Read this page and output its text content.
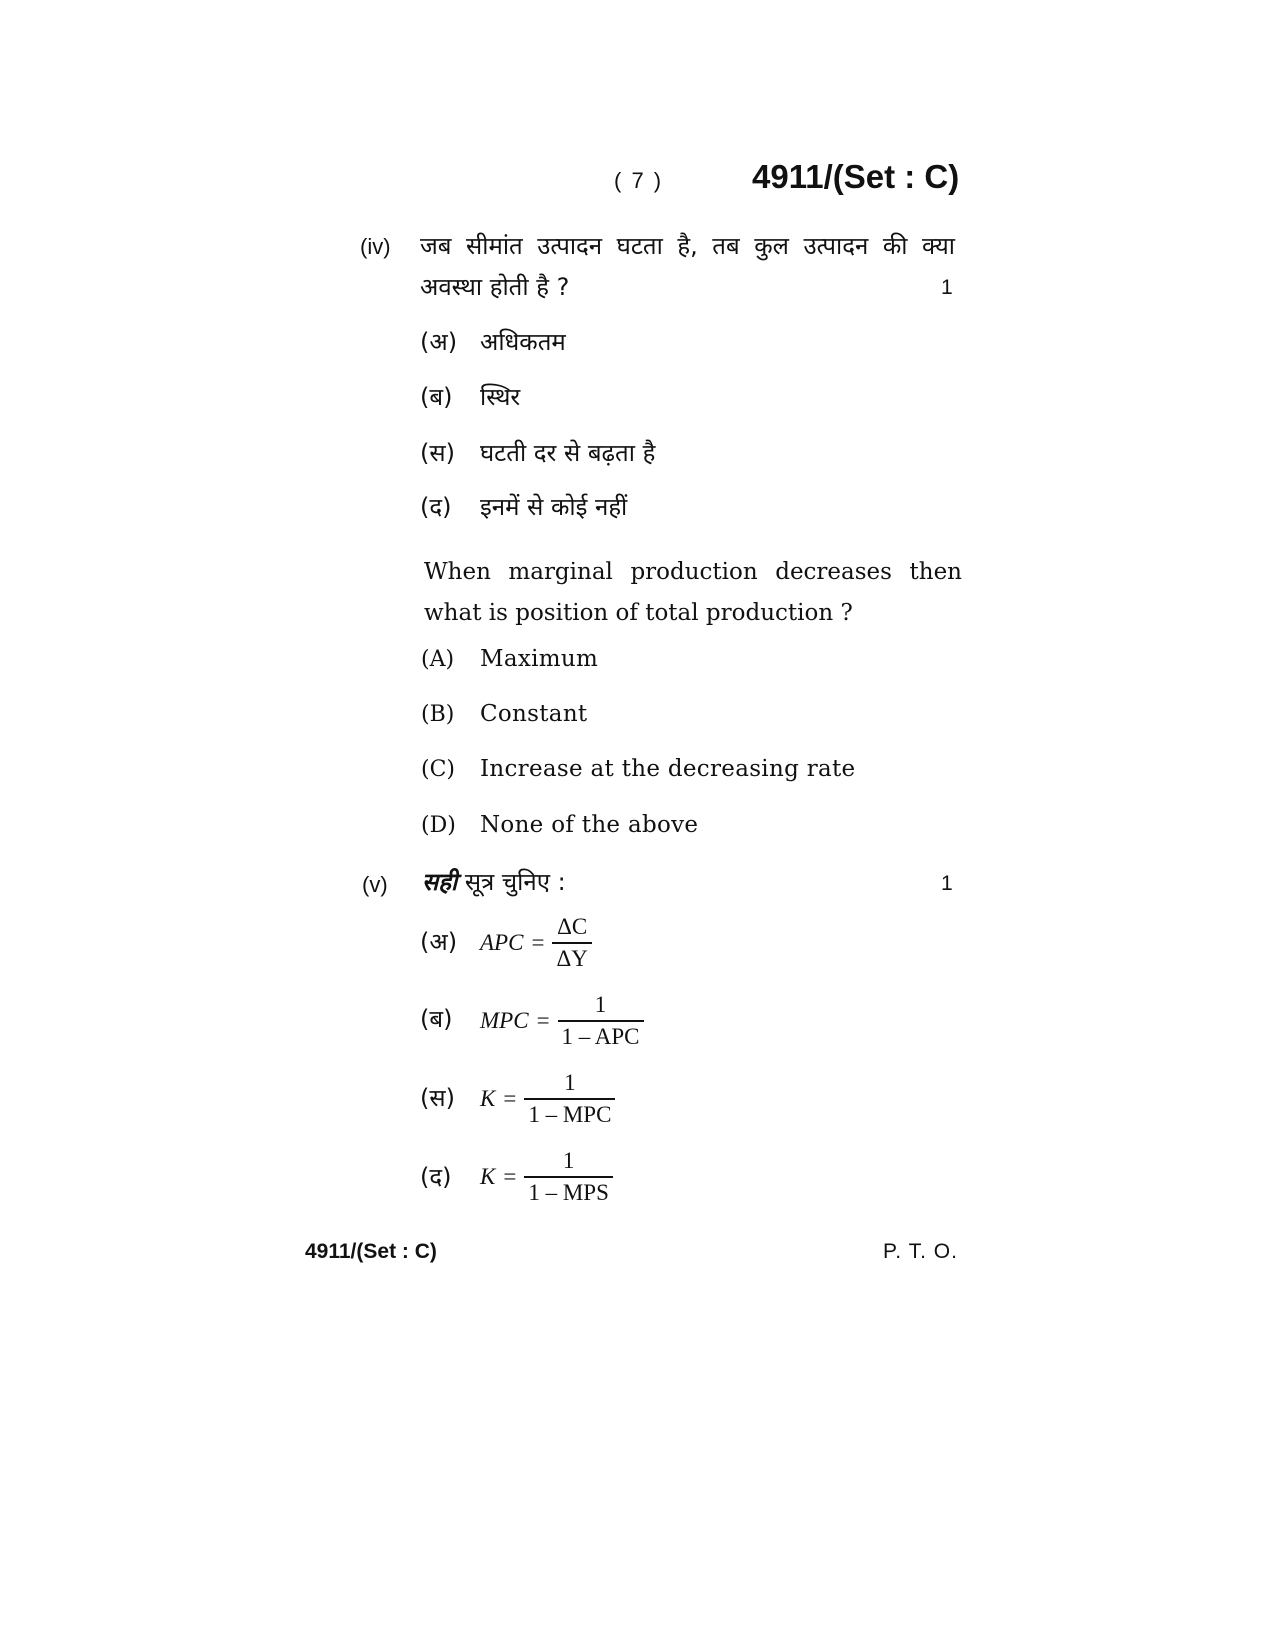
( 7 )	4911/(Set : C)
(iv) जब सीमांत उत्पादन घटता है, तब कुल उत्पादन की क्या
अवस्था होती है ?	1
(अ) अधिकतम
(ब) स्थिर
(स) घटती दर से बढ़ता है
(द) इनमें से कोई नहीं
When marginal production decreases then
what is position of total production ?
(A) Maximum
(B) Constant
(C) Increase at the decreasing rate
(D) None of the above
(v) सही सूत्र चुनिए :	1
(अ) APC = $\frac{\Delta C}{\Delta Y}$
(ब) MPC = $\frac{1}{\text{1 – APC}}$
(स) $K = \frac{1}{\text{1 – MPC}}$
(द) $K = \frac{1}{\text{1 – MPS}}$
4911/(Set : C)	P. T. O.
